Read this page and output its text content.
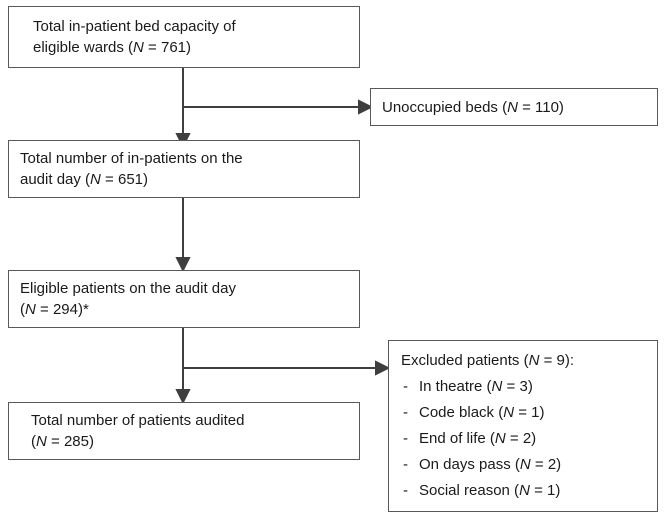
Total in-patient bed capacity of
eligible wards (N = 761)
Unoccupied beds (N = 110)
Total number of in-patients on the
audit day (N = 651)
Eligible patients on the audit day
(N = 294)*
Excluded patients (N = 9):
- In theatre (N = 3)
- Code black (N = 1)
- End of life (N = 2)
- On days pass (N = 2)
- Social reason (N = 1)
Total number of patients audited
(N = 285)
